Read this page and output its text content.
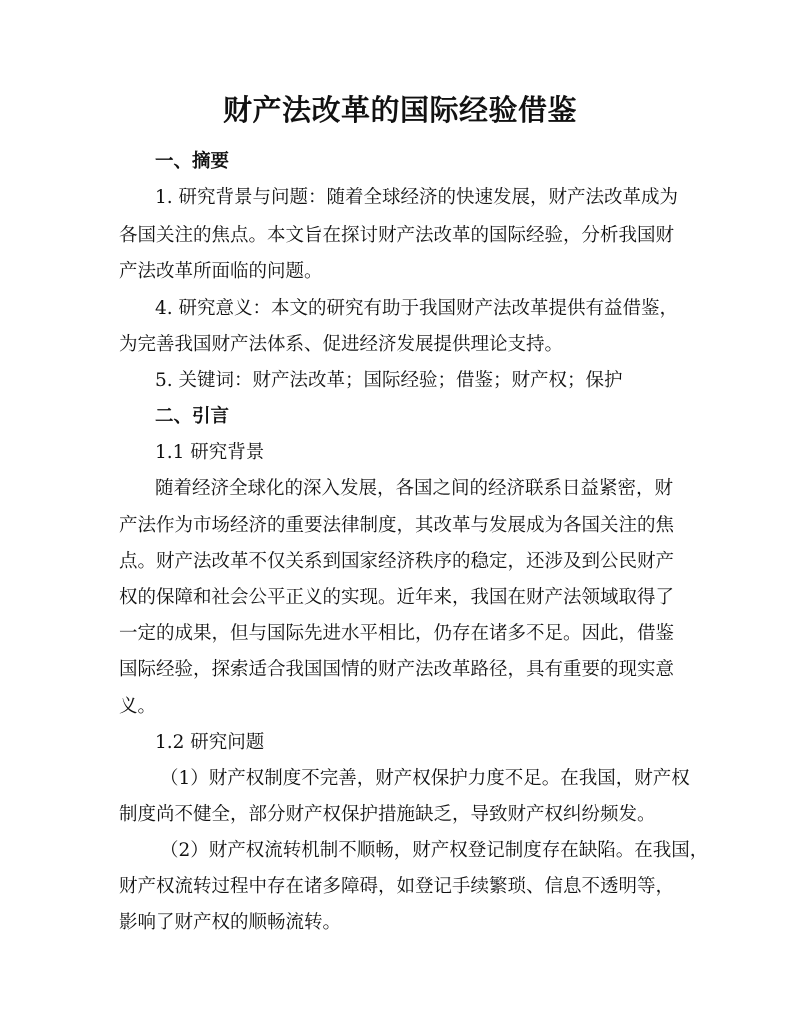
财产法改革的国际经验借鉴
一、摘要
1. 研究背景与问题：随着全球经济的快速发展，财产法改革成为
各国关注的焦点。本文旨在探讨财产法改革的国际经验，分析我国财
产法改革所面临的问题。
4. 研究意义：本文的研究有助于我国财产法改革提供有益借鉴，
为完善我国财产法体系、促进经济发展提供理论支持。
5. 关键词：财产法改革；国际经验；借鉴；财产权；保护
二、引言
1.1 研究背景
随着经济全球化的深入发展，各国之间的经济联系日益紧密，财
产法作为市场经济的重要法律制度，其改革与发展成为各国关注的焦
点。财产法改革不仅关系到国家经济秩序的稳定，还涉及到公民财产
权的保障和社会公平正义的实现。近年来，我国在财产法领域取得了
一定的成果，但与国际先进水平相比，仍存在诸多不足。因此，借鉴
国际经验，探索适合我国国情的财产法改革路径，具有重要的现实意
义。
1.2 研究问题
（1）财产权制度不完善，财产权保护力度不足。在我国，财产权
制度尚不健全，部分财产权保护措施缺乏，导致财产权纠纷频发。
（2）财产权流转机制不顺畅，财产权登记制度存在缺陷。在我国，
财产权流转过程中存在诸多障碍，如登记手续繁琐、信息不透明等，
影响了财产权的顺畅流转。
